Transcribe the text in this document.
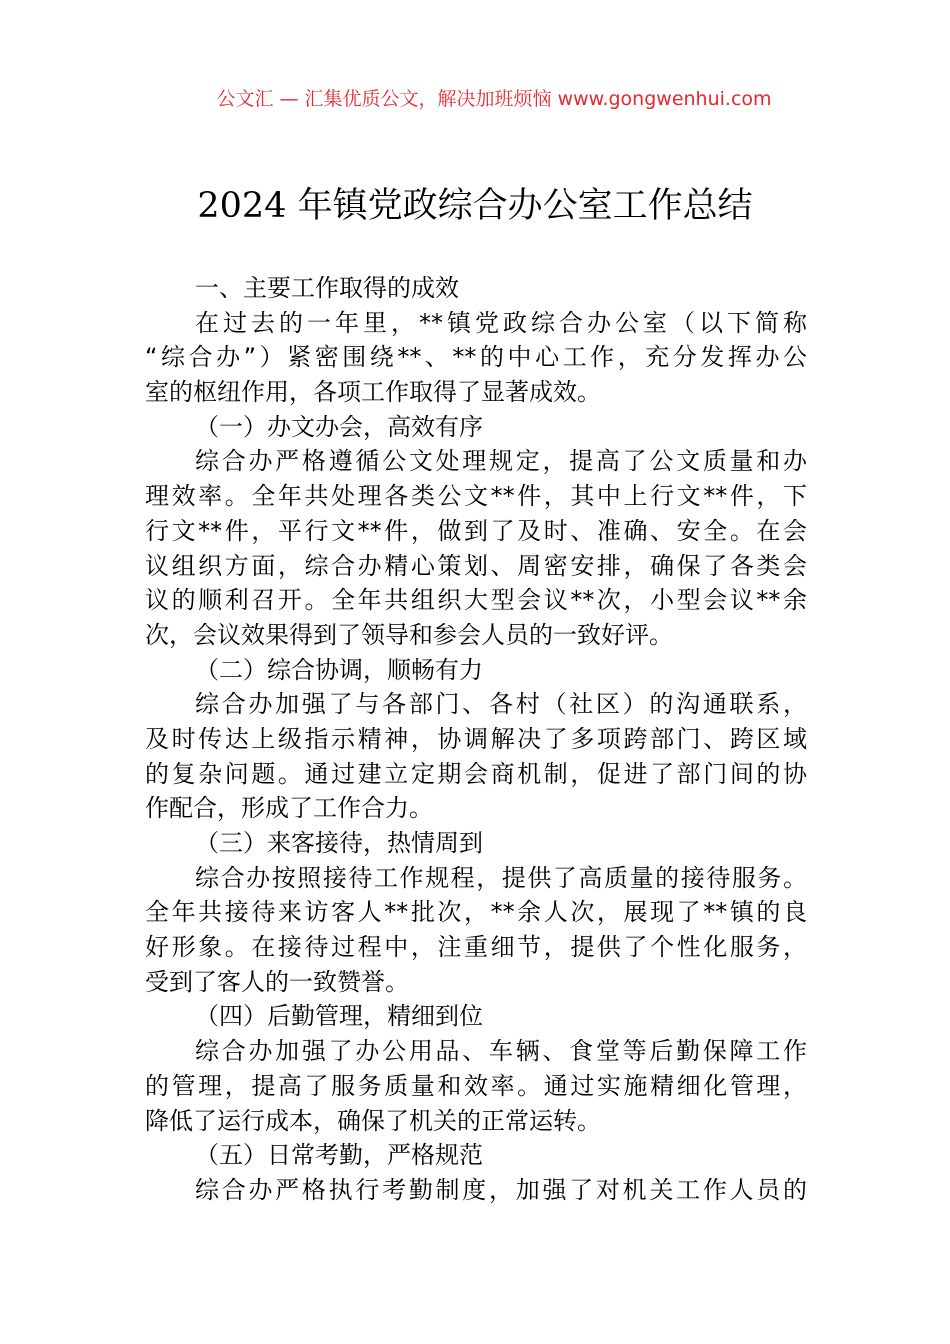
公文汇 — 汇集优质公文，解决加班烦恼 www.gongwenhui.com
2024 年镇党政综合办公室工作总结
一、主要工作取得的成效
在过去的一年里，**镇党政综合办公室（以下简称
“综合办”）紧密围绕**、**的中心工作，充分发挥办公
室的枢纽作用，各项工作取得了显著成效。
（一）办文办会，高效有序
综合办严格遵循公文处理规定，提高了公文质量和办
理效率。全年共处理各类公文**件，其中上行文**件，下
行文**件，平行文**件，做到了及时、准确、安全。在会
议组织方面，综合办精心策划、周密安排，确保了各类会
议的顺利召开。全年共组织大型会议**次，小型会议**余
次，会议效果得到了领导和参会人员的一致好评。
（二）综合协调，顺畅有力
综合办加强了与各部门、各村（社区）的沟通联系，
及时传达上级指示精神，协调解决了多项跨部门、跨区域
的复杂问题。通过建立定期会商机制，促进了部门间的协
作配合，形成了工作合力。
（三）来客接待，热情周到
综合办按照接待工作规程，提供了高质量的接待服务。
全年共接待来访客人**批次，**余人次，展现了**镇的良
好形象。在接待过程中，注重细节，提供了个性化服务，
受到了客人的一致赞誉。
（四）后勤管理，精细到位
综合办加强了办公用品、车辆、食堂等后勤保障工作
的管理，提高了服务质量和效率。通过实施精细化管理，
降低了运行成本，确保了机关的正常运转。
（五）日常考勤，严格规范
综合办严格执行考勤制度，加强了对机关工作人员的
